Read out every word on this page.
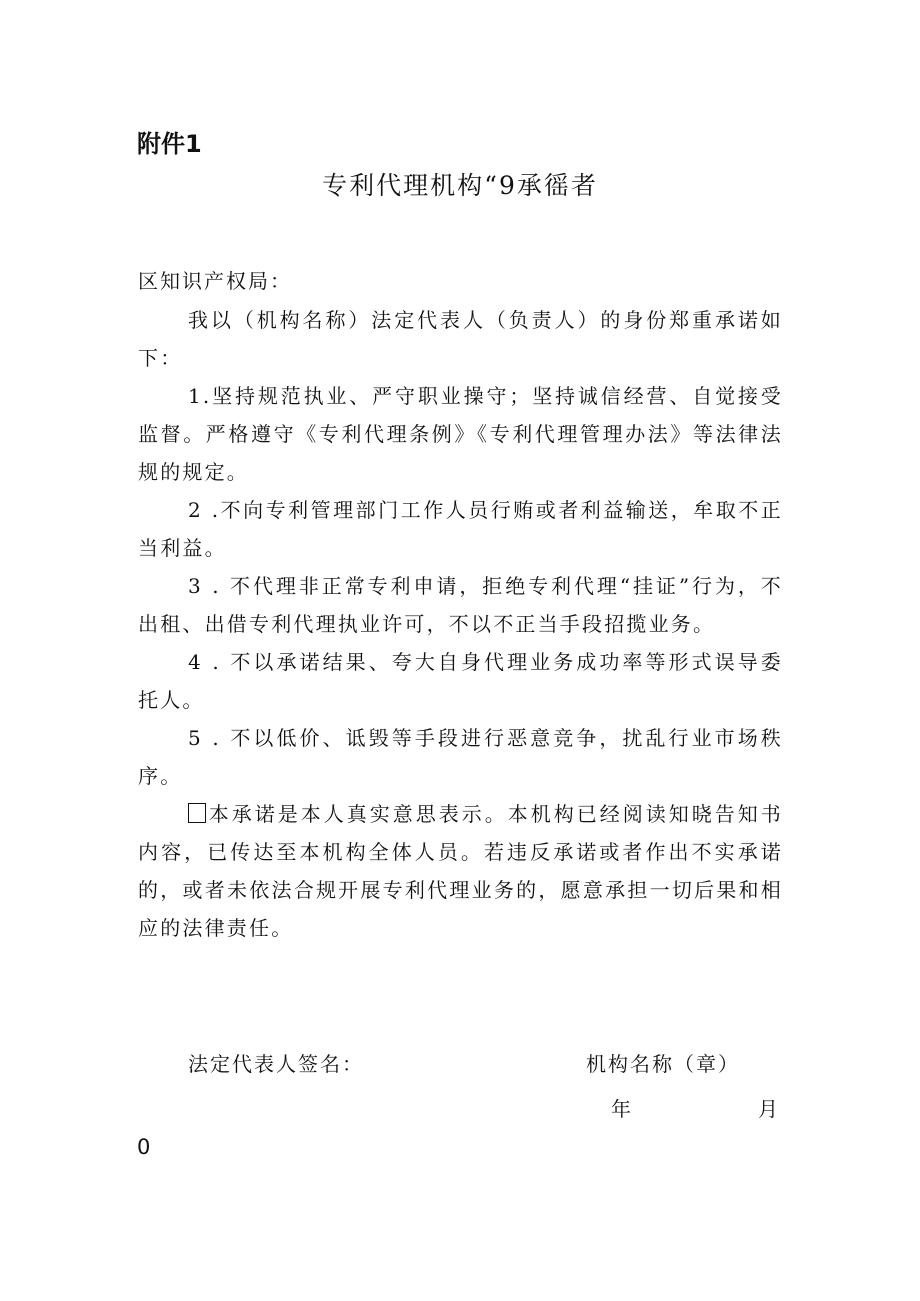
附件1
专利代理机构“9承徭者
区知识产权局：

我以（机构名称）法定代表人（负责人）的身份郑重承诺如下：

1.坚持规范执业、严守职业操守；坚持诚信经营、自觉接受监督。严格遵守《专利代理条例》《专利代理管理办法》等法律法规的规定。

2 .不向专利管理部门工作人员行贿或者利益输送，牟取不正当利益。

3 . 不代理非正常专利申请，拒绝专利代理“挂证”行为，不出租、出借专利代理执业许可，不以不正当手段招揽业务。

4 . 不以承诺结果、夸大自身代理业务成功率等形式误导委托人。

5 . 不以低价、诋毁等手段进行恶意竞争，扰乱行业市场秩序。

本承诺是本人真实意思表示。本机构已经阅读知晓告知书内容，已传达至本机构全体人员。若违反承诺或者作出不实承诺的，或者未依法合规开展专利代理业务的，愿意承担一切后果和相应的法律责任。

法定代表人签名：	机构名称（章）
年	月
0
